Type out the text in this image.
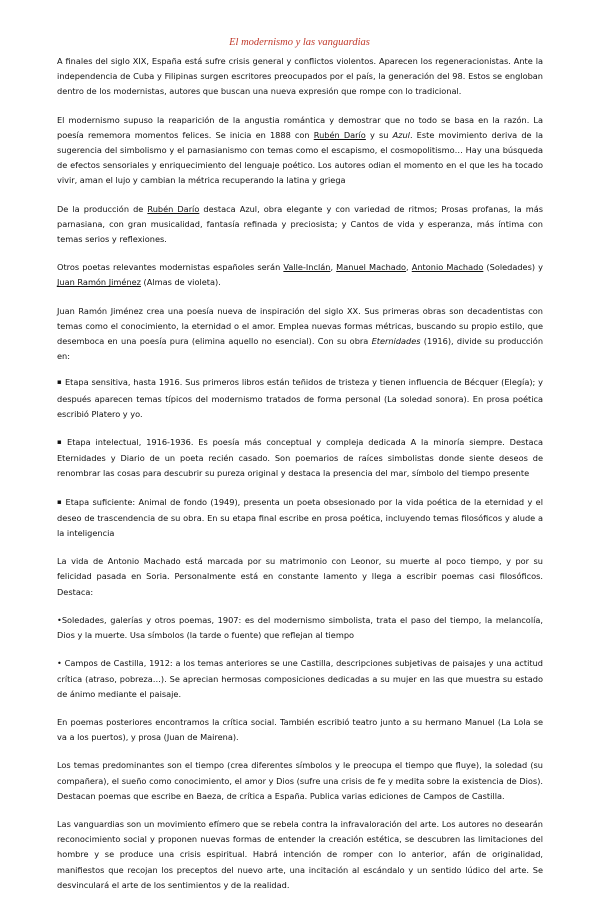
El modernismo y las vanguardias

A finales del siglo XIX, España está sufre crisis general y conflictos violentos. Aparecen los regeneracionistas. Ante la independencia de Cuba y Filipinas surgen escritores preocupados por el país, la generación del 98. Estos se engloban dentro de los modernistas, autores que buscan una nueva expresión que rompe con lo tradicional.

El modernismo supuso la reaparición de la angustia romántica y demostrar que no todo se basa en la razón. La poesía rememora momentos felices. Se inicia en 1888 con Rubén Darío y su Azul. Este movimiento deriva de la sugerencia del simbolismo y el parnasianismo con temas como el escapismo, el cosmopolitismo… Hay una búsqueda de efectos sensoriales y enriquecimiento del lenguaje poético. Los autores odian el momento en el que les ha tocado vivir, aman el lujo y cambian la métrica recuperando la latina y griega

De la producción de Rubén Darío destaca Azul, obra elegante y con variedad de ritmos; Prosas profanas, la más parnasiana, con gran musicalidad, fantasía refinada y preciosista; y Cantos de vida y esperanza, más íntima con temas serios y reflexiones.

Otros poetas relevantes modernistas españoles serán Valle-Inclán, Manuel Machado, Antonio Machado (Soledades) y Juan Ramón Jiménez (Almas de violeta).

Juan Ramón Jiménez crea una poesía nueva de inspiración del siglo XX. Sus primeras obras son decadentistas con temas como el conocimiento, la eternidad o el amor. Emplea nuevas formas métricas, buscando su propio estilo, que desemboca en una poesía pura (elimina aquello no esencial). Con su obra Eternidades (1916), divide su producción en:

▪ Etapa sensitiva, hasta 1916. Sus primeros libros están teñidos de tristeza y tienen influencia de Bécquer (Elegía); y después aparecen temas típicos del modernismo tratados de forma personal (La soledad sonora). En prosa poética escribió Platero y yo.

▪ Etapa intelectual, 1916-1936. Es poesía más conceptual y compleja dedicada A la minoría siempre. Destaca Eternidades y Diario de un poeta recién casado. Son poemarios de raíces simbolistas donde siente deseos de renombrar las cosas para descubrir su pureza original y destaca la presencia del mar, símbolo del tiempo presente

▪ Etapa suficiente: Animal de fondo (1949), presenta un poeta obsesionado por la vida poética de la eternidad y el deseo de trascendencia de su obra. En su etapa final escribe en prosa poética, incluyendo temas filosóficos y alude a la inteligencia

La vida de Antonio Machado está marcada por su matrimonio con Leonor, su muerte al poco tiempo, y por su felicidad pasada en Soria. Personalmente está en constante lamento y llega a escribir poemas casi filosóficos. Destaca:

•Soledades, galerías y otros poemas, 1907: es del modernismo simbolista, trata el paso del tiempo, la melancolía, Dios y la muerte. Usa símbolos (la tarde o fuente) que reflejan al tiempo

• Campos de Castilla, 1912: a los temas anteriores se une Castilla, descripciones subjetivas de paisajes y una actitud crítica (atraso, pobreza…). Se aprecian hermosas composiciones dedicadas a su mujer en las que muestra su estado de ánimo mediante el paisaje.

En poemas posteriores encontramos la crítica social. También escribió teatro junto a su hermano Manuel (La Lola se va a los puertos), y prosa (Juan de Mairena).

Los temas predominantes son el tiempo (crea diferentes símbolos y le preocupa el tiempo que fluye), la soledad (su compañera), el sueño como conocimiento, el amor y Dios (sufre una crisis de fe y medita sobre la existencia de Dios). Destacan poemas que escribe en Baeza, de crítica a España. Publica varias ediciones de Campos de Castilla.

Las vanguardias son un movimiento efímero que se rebela contra la infravaloración del arte. Los autores no desearán reconocimiento social y proponen nuevas formas de entender la creación estética, se descubren las limitaciones del hombre y se produce una crisis espiritual. Habrá intención de romper con lo anterior, afán de originalidad, manifiestos que recojan los preceptos del nuevo arte, una incitación al escándalo y un sentido lúdico del arte. Se desvinculará el arte de los sentimientos y de la realidad.
